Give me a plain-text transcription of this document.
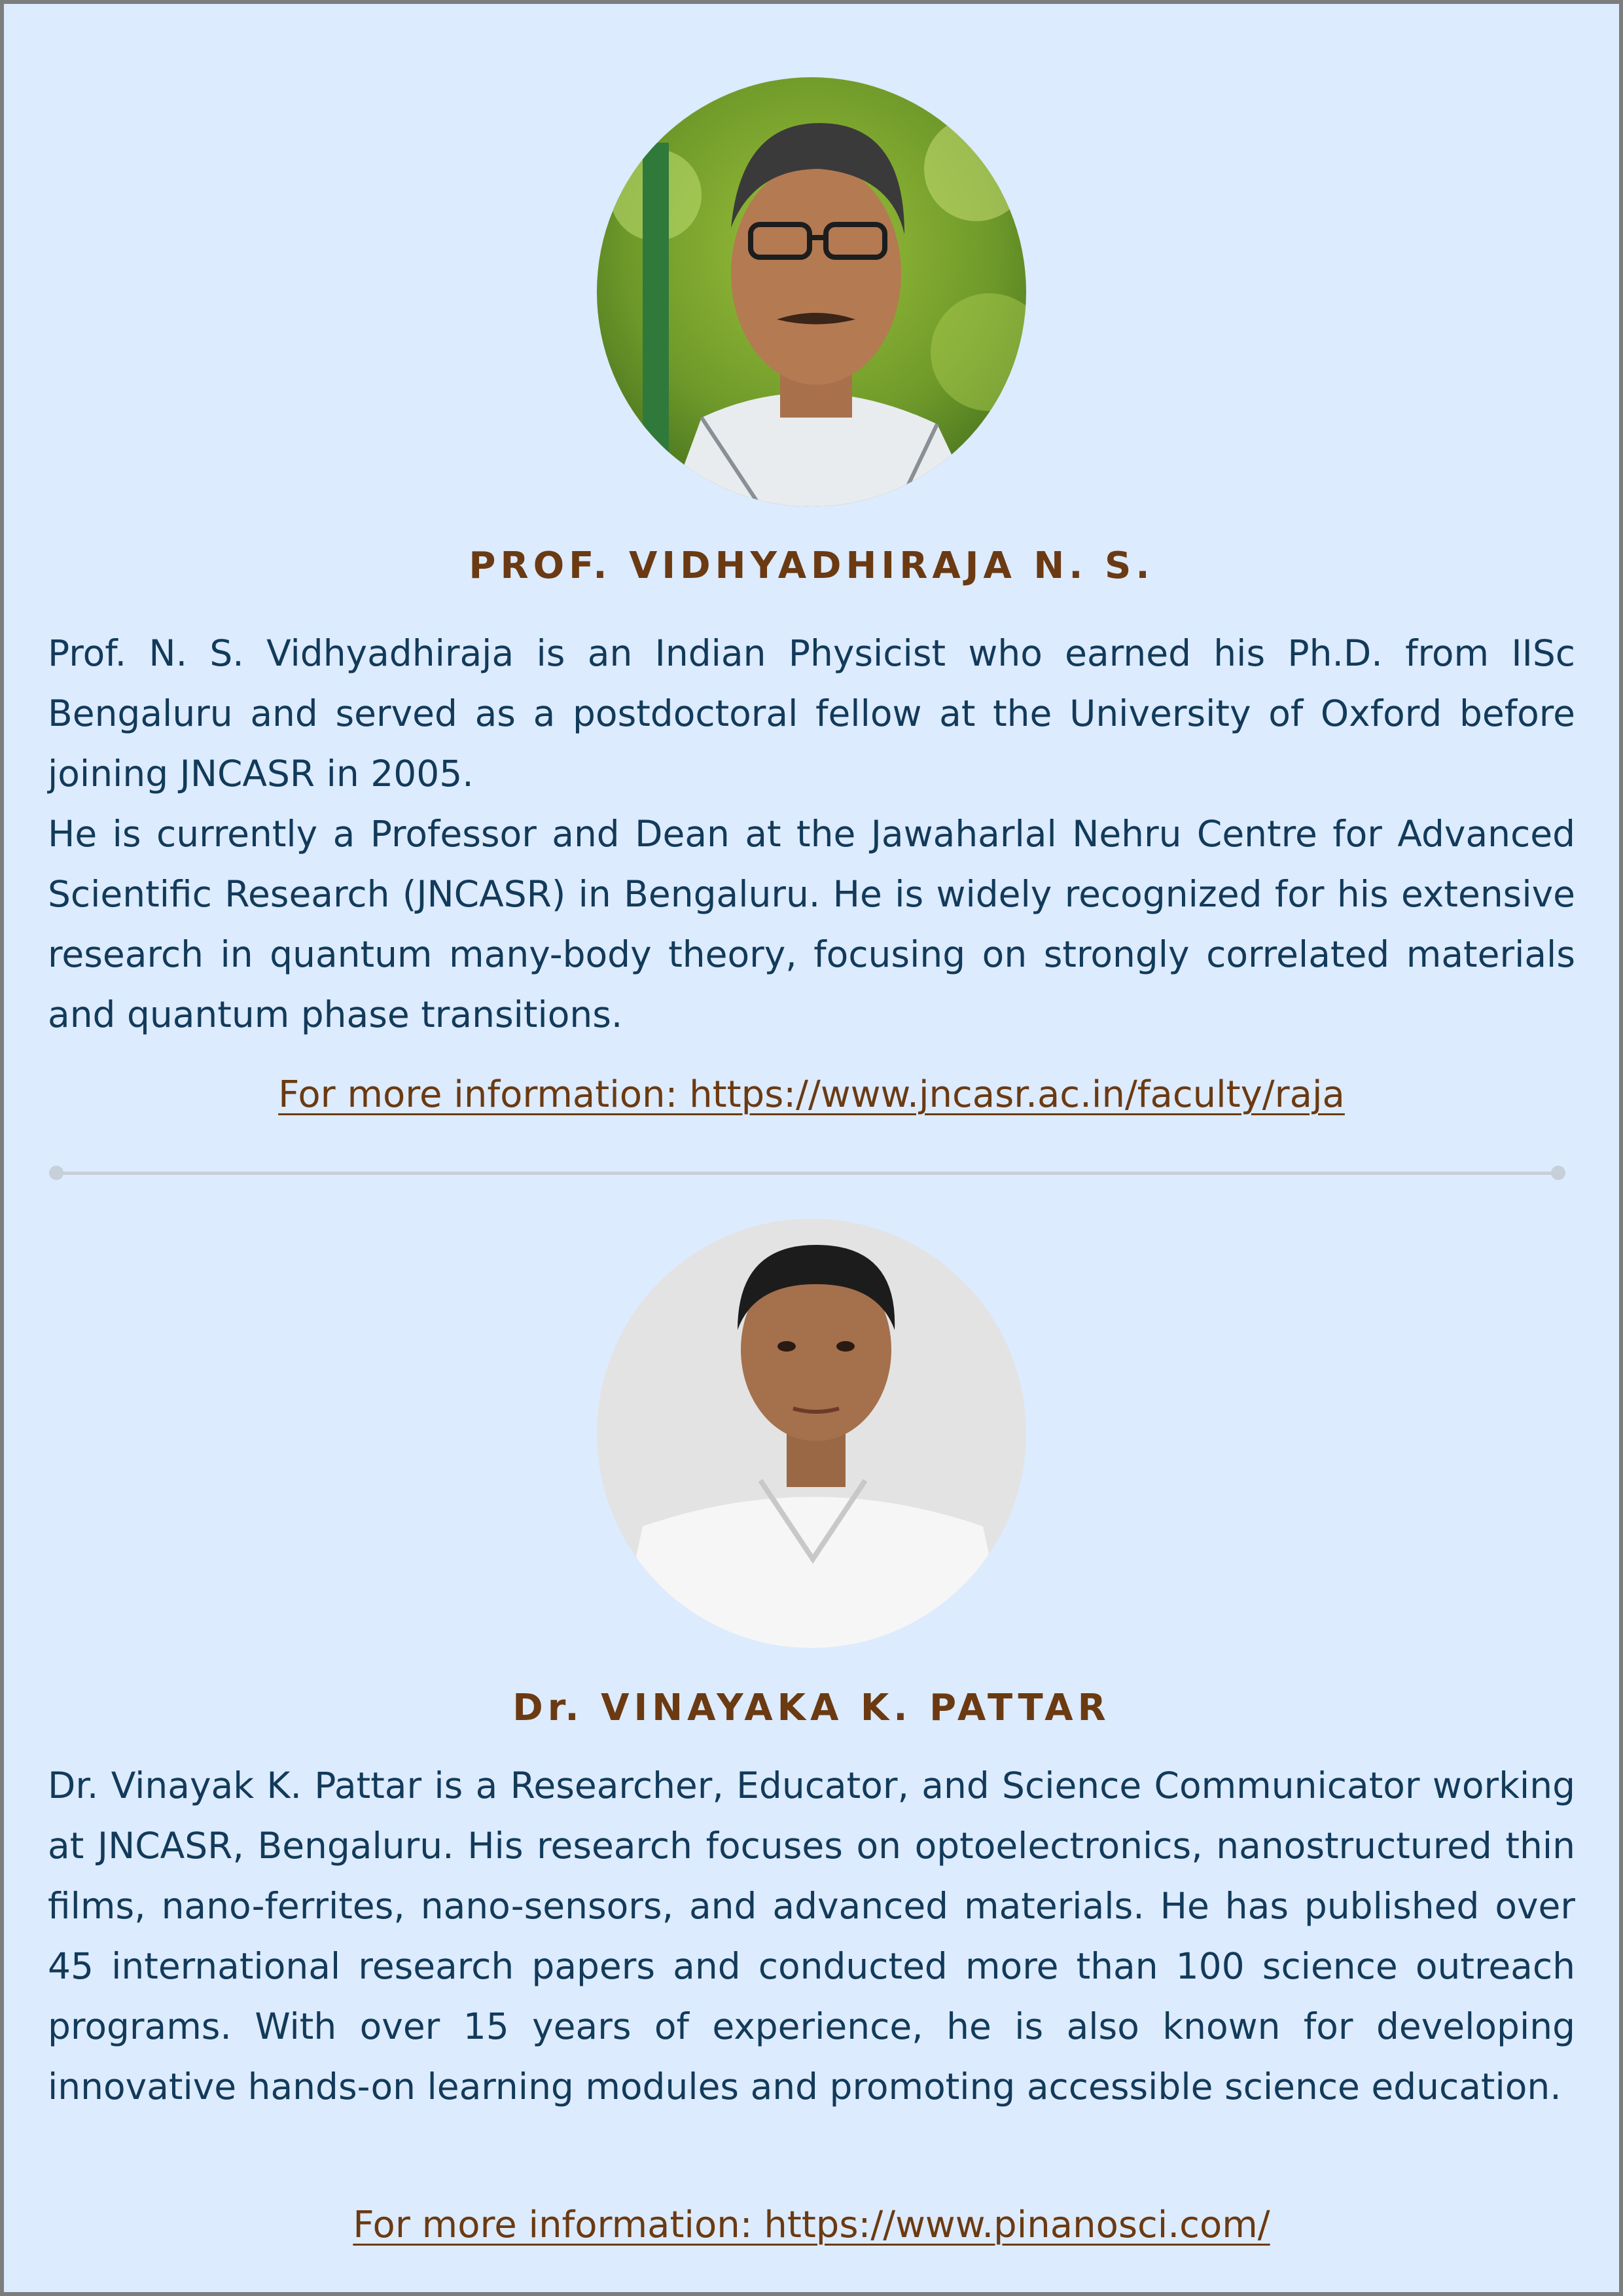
PROF. VIDHYADHIRAJA N. S.

Prof. N. S. Vidhyadhiraja is an Indian Physicist who earned his Ph.D. from IISc Bengaluru and served as a postdoctoral fellow at the University of Oxford before joining JNCASR in 2005.

He is currently a Professor and Dean at the Jawaharlal Nehru Centre for Advanced Scientific Research (JNCASR) in Bengaluru. He is widely recognized for his extensive research in quantum many-body theory, focusing on strongly correlated materials and quantum phase transitions.

For more information: https://www.jncasr.ac.in/faculty/raja
Dr. VINAYAKA K. PATTAR

Dr. Vinayak K. Pattar is a Researcher, Educator, and Science Communicator working at JNCASR, Bengaluru. His research focuses on optoelectronics, nanostructured thin films, nano-ferrites, nano-sensors, and advanced materials. He has published over 45 international research papers and conducted more than 100 science outreach programs. With over 15 years of experience, he is also known for developing innovative hands-on learning modules and promoting accessible science education.

For more information: https://www.pinanosci.com/
